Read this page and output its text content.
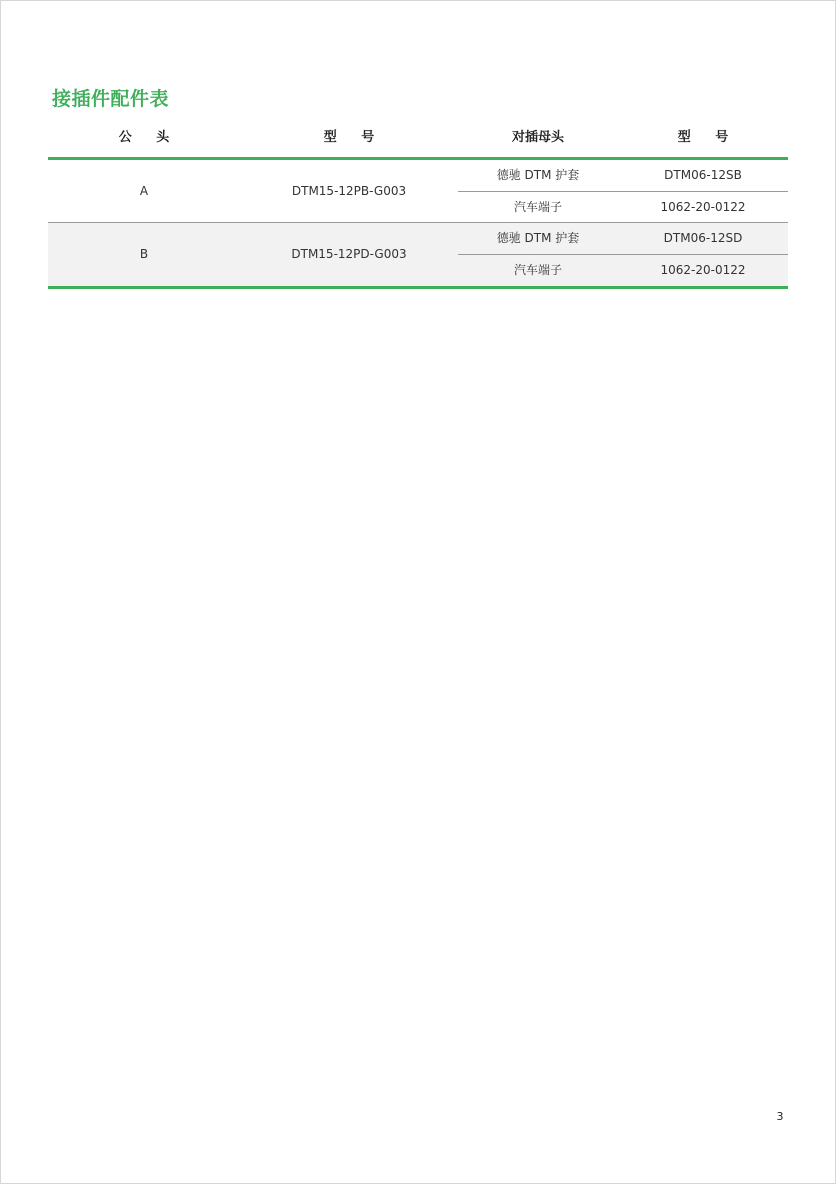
接插件配件表
公 头	型 号	对插母头	型 号
A	DTM15-12PB-G003
德驰 DTM 护套	DTM06-12SB
汽车端子	1062-20-0122
B	DTM15-12PD-G003
德驰 DTM 护套	DTM06-12SD
汽车端子	1062-20-0122
3
